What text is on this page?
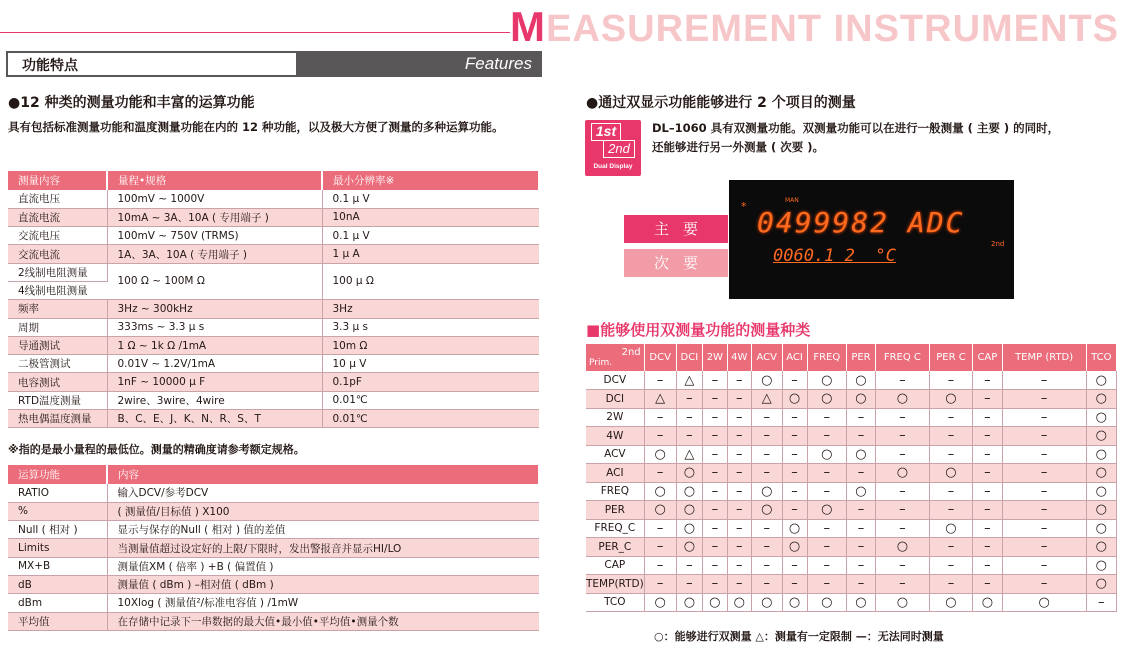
MEASUREMENT INSTRUMENTS
功能特点	Features
●12 种类的测量功能和丰富的运算功能
具有包括标准测量功能和温度测量功能在内的 12 种功能，以及极大方便了测量的多种运算功能。
测量内容	量程•规格	最小分辨率※
直流电压	100mV ~ 1000V	0.1 μ V
直流电流	10mA ~ 3A、10A ( 专用端子 )	10nA
交流电压	100mV ~ 750V (TRMS)	0.1 μ V
交流电流	1A、3A、10A ( 专用端子 )	1 μ A
2线制电阻测量	100 Ω ~ 100M Ω	100 μ Ω
4线制电阻测量		
频率	3Hz ~ 300kHz	3Hz
周期	333ms ~ 3.3 μ s	3.3 μ s
导通测试	1 Ω ~ 1k Ω /1mA	10m Ω
二极管测试	0.01V ~ 1.2V/1mA	10 μ V
电容测试	1nF ~ 10000 μ F	0.1pF
RTD温度测量	2wire、3wire、4wire	0.01℃
热电偶温度测量	B、C、E、J、K、N、R、S、T	0.01℃
※指的是最小量程的最低位。测量的精确度请参考额定规格。
运算功能	内容
RATIO	输入DCV/参考DCV
%	( 测量值/目标值 ) X100
Null ( 相对 )	显示与保存的Null ( 相对 ) 值的差值
Limits	当测量值超过设定好的上限/下限时，发出警报音并显示HI/LO
MX+B	测量值XM ( 倍率 ) +B ( 偏置值 )
dB	测量值 ( dBm ) –相对值 ( dBm )
dBm	10Xlog ( 测量值²/标准电容值 ) /1mW
平均值	在存储中记录下一串数据的最大值•最小值•平均值•测量个数
●通过双显示功能能够进行 2 个项目的测量
1st
2nd
Dual Display
DL–1060 具有双测量功能。双测量功能可以在进行一般测量 ( 主要 ) 的同时，
还能够进行另一外测量 ( 次要 )。
主要
次要
*	MAN
0499982 ADC
2nd
0060.1 2  °C
■能够使用双测量功能的测量种类
2nd
Prim.	DCV	DCI	2W	4W	ACV	ACI	FREQ	PER	FREQ C	PER C	CAP	TEMP (RTD)	TCO
DCV	–	△	–	–	○	–	○	○	–	–	–	–	○
DCI	△	–	–	–	△	○	○	○	○	○	–	–	○
2W	–	–	–	–	–	–	–	–	–	–	–	–	○
4W	–	–	–	–	–	–	–	–	–	–	–	–	○
ACV	○	△	–	–	–	–	○	○	–	–	–	–	○
ACI	–	○	–	–	–	–	–	–	○	○	–	–	○
FREQ	○	○	–	–	○	–	–	○	–	–	–	–	○
PER	○	○	–	–	○	–	○	–	–	–	–	–	○
FREQ_C	–	○	–	–	–	○	–	–	–	○	–	–	○
PER_C	–	○	–	–	–	○	–	–	○	–	–	–	○
CAP	–	–	–	–	–	–	–	–	–	–	–	–	○
TEMP(RTD)	–	–	–	–	–	–	–	–	–	–	–	–	○
TCO	○	○	○	○	○	○	○	○	○	○	○	○	–
○：能够进行双测量 △：测量有一定限制 —：无法同时测量
